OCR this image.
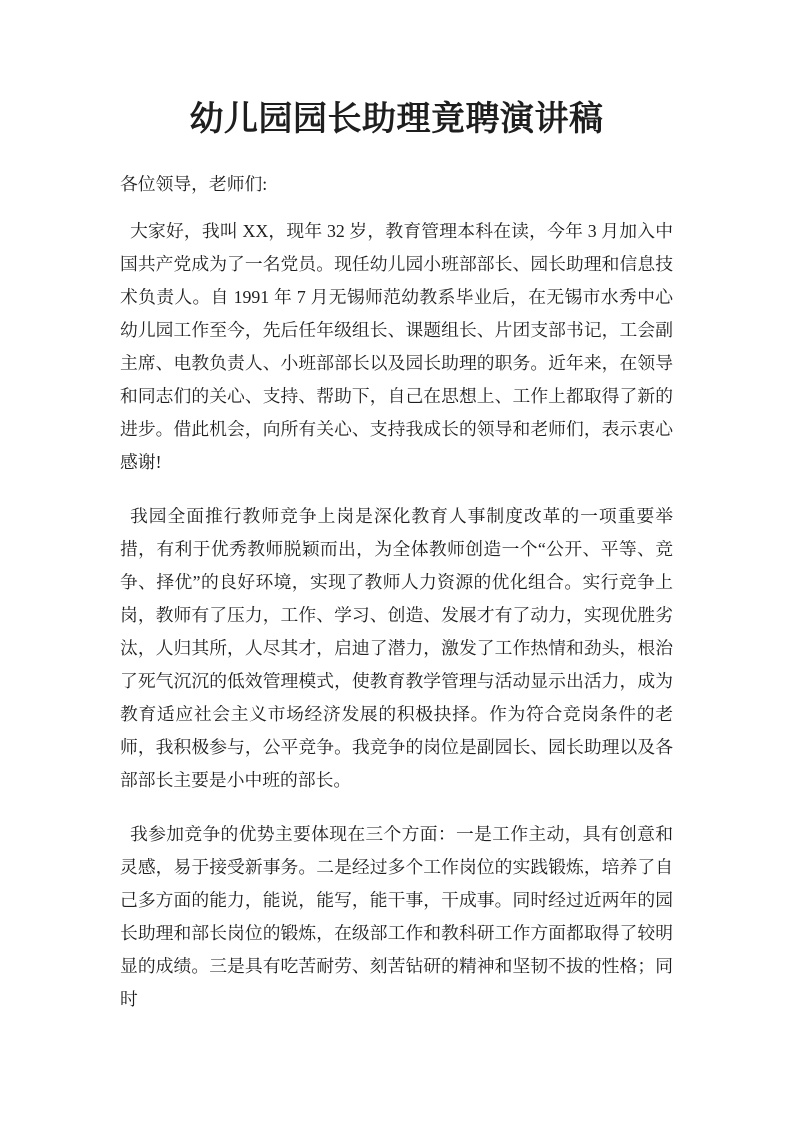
幼儿园园长助理竟聘演讲稿

各位领导，老师们:

大家好，我叫 XX，现年 32 岁，教育管理本科在读，今年 3 月加入中国共产党成为了一名党员。现任幼儿园小班部部长、园长助理和信息技术负责人。自 1991 年 7 月无锡师范幼教系毕业后，在无锡市水秀中心幼儿园工作至今，先后任年级组长、课题组长、片团支部书记，工会副主席、电教负责人、小班部部长以及园长助理的职务。近年来，在领导和同志们的关心、支持、帮助下，自己在思想上、工作上都取得了新的进步。借此机会，向所有关心、支持我成长的领导和老师们，表示衷心感谢!

我园全面推行教师竞争上岗是深化教育人事制度改革的一项重要举措，有利于优秀教师脱颖而出，为全体教师创造一个“公开、平等、竞争、择优”的良好环境，实现了教师人力资源的优化组合。实行竞争上岗，教师有了压力，工作、学习、创造、发展才有了动力，实现优胜劣汰，人归其所，人尽其才，启迪了潜力，激发了工作热情和劲头，根治了死气沉沉的低效管理模式，使教育教学管理与活动显示出活力，成为教育适应社会主义市场经济发展的积极抉择。作为符合竞岗条件的老师，我积极参与，公平竞争。我竞争的岗位是副园长、园长助理以及各部部长主要是小中班的部长。

我参加竞争的优势主要体现在三个方面：一是工作主动，具有创意和灵感，易于接受新事务。二是经过多个工作岗位的实践锻炼，培养了自己多方面的能力，能说，能写，能干事，干成事。同时经过近两年的园长助理和部长岗位的锻炼，在级部工作和教科研工作方面都取得了较明显的成绩。三是具有吃苦耐劳、刻苦钻研的精神和坚韧不拔的性格；同时
